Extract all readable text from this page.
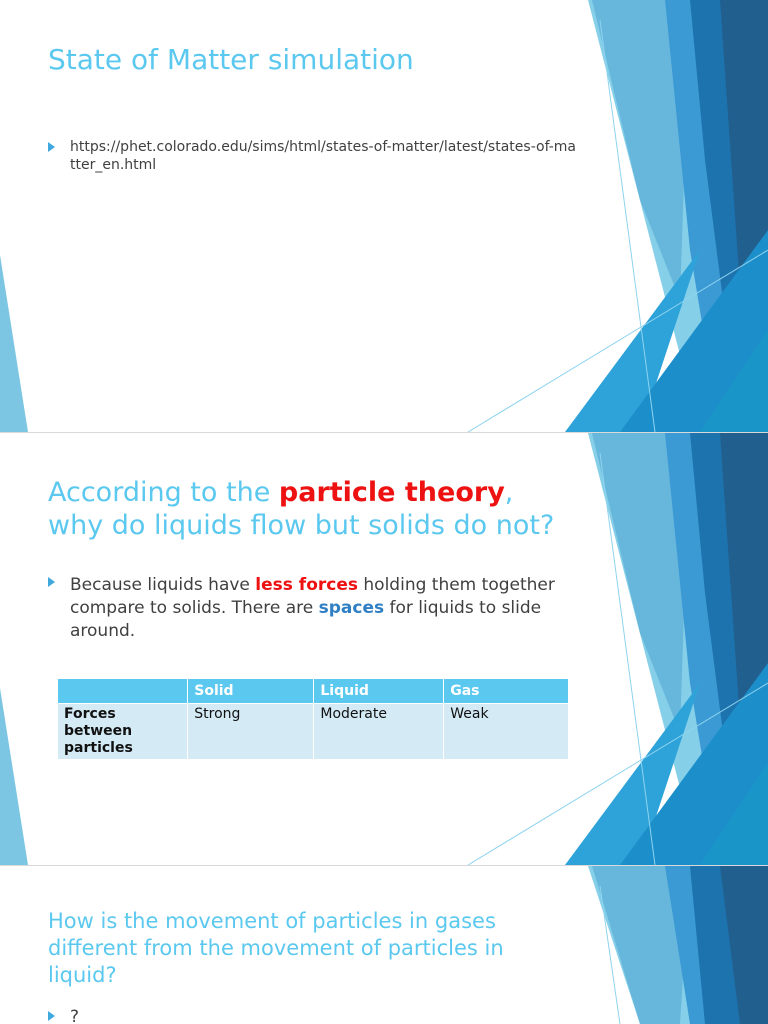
State of Matter simulation
https://phet.colorado.edu/sims/html/states-of-matter/latest/states-of-matter_en.html
According to the particle theory, why do liquids flow but solids do not?
Because liquids have less forces holding them together compare to solids. There are spaces for liquids to slide around.
	Solid	Liquid	Gas
Forces between particles	Strong	Moderate	Weak
How is the movement of particles in gases different from the movement of particles in liquid?
?
